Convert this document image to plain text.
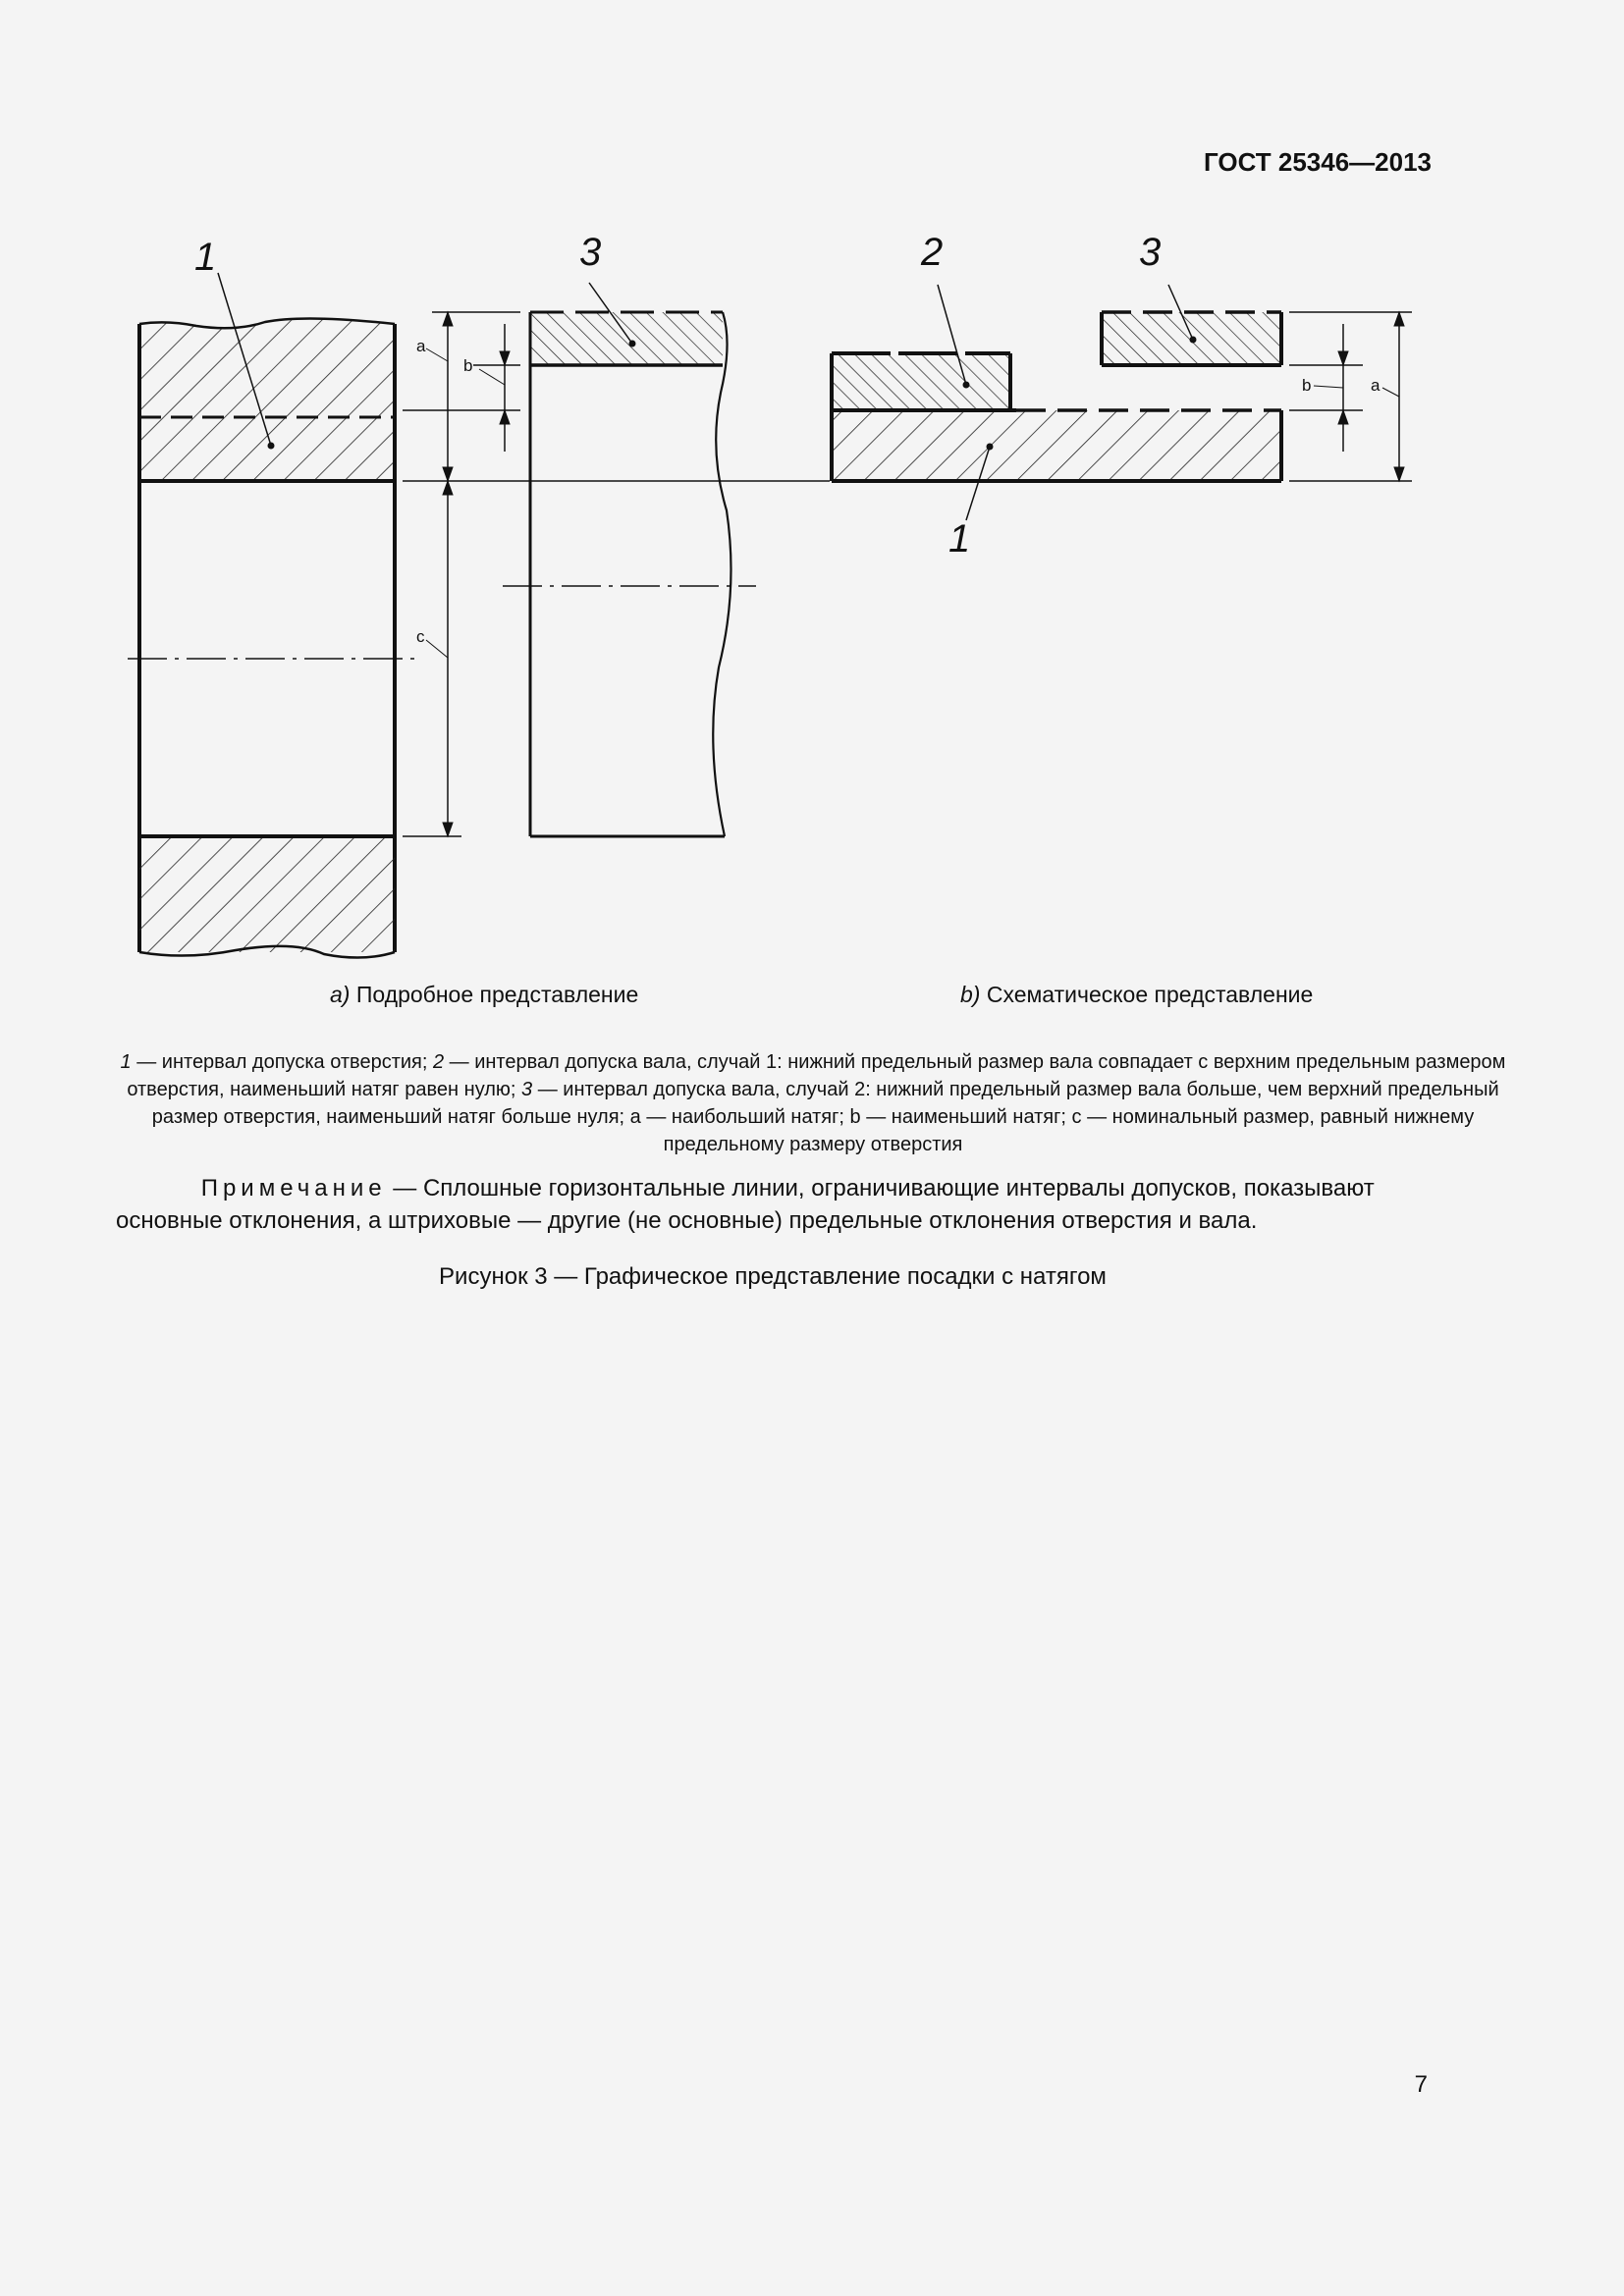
ГОСТ 25346—2013
1	3	2	3
1
a
b
c
b	a
a) Подробное представление	b) Схематическое представление
1 — интервал допуска отверстия; 2 — интервал допуска вала, случай 1: нижний предельный размер вала совпадает с верхним предельным размером отверстия, наименьший натяг равен нулю; 3 — интервал допуска вала, случай 2: нижний предельный размер вала больше, чем верхний предельный размер отверстия, наименьший натяг больше нуля; a — наибольший натяг; b — наименьший натяг; c — номинальный размер, равный нижнему предельному размеру отверстия
Примечание — Сплошные горизонтальные линии, ограничивающие интервалы допусков, показывают основные отклонения, а штриховые — другие (не основные) предельные отклонения отверстия и вала.
Рисунок 3 — Графическое представление посадки с натягом
7
